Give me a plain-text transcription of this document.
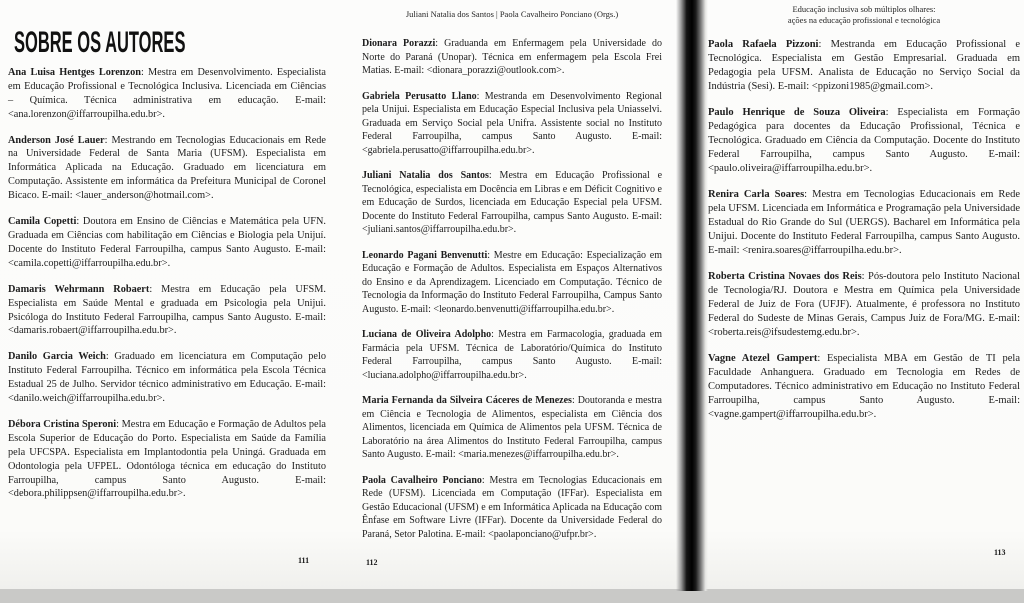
SOBRE OS AUTORES

Ana Luisa Hentges Lorenzon: Mestra em Desenvolvimento. Especialista em Educação Profissional e Tecnológica Inclusiva. Licenciada em Ciências – Química. Técnica administrativa em educação. E-mail: <ana.lorenzon@iffarroupilha.edu.br>.

Anderson José Lauer: Mestrando em Tecnologias Educacionais em Rede na Universidade Federal de Santa Maria (UFSM). Especialista em Informática Aplicada na Educação. Graduado em licenciatura em Computação. Assistente em informática da Prefeitura Municipal de Coronel Bicaco. E-mail: <lauer_anderson@hotmail.com>.

Camila Copetti: Doutora em Ensino de Ciências e Matemática pela UFN. Graduada em Ciências com habilitação em Ciências e Biologia pela Unijuí. Docente do Instituto Federal Farroupilha, campus Santo Augusto. E-mail: <camila.copetti@iffarroupilha.edu.br>.

Damaris Wehrmann Robaert: Mestra em Educação pela UFSM. Especialista em Saúde Mental e graduada em Psicologia pela Unijui. Psicóloga do Instituto Federal Farroupilha, campus Santo Augusto. E-mail: <damaris.robaert@iffarroupilha.edu.br>.

Danilo Garcia Weich: Graduado em licenciatura em Computação pelo Instituto Federal Farroupilha. Técnico em informática pela Escola Técnica Estadual 25 de Julho. Servidor técnico administrativo em Educação. E-mail: <danilo.weich@iffarroupilha.edu.br>.

Débora Cristina Speroni: Mestra em Educação e Formação de Adultos pela Escola Superior de Educação do Porto. Especialista em Saúde da Família pela UFCSPA. Especialista em Implantodontia pela Uningá. Graduada em Odontologia pela UFPEL. Odontóloga técnica em educação do Instituto Farroupilha, campus Santo Augusto. E-mail: <debora.philippsen@iffarroupilha.edu.br>.

Juliani Natalia dos Santos | Paola Cavalheiro Ponciano (Orgs.)

Dionara Porazzi: Graduanda em Enfermagem pela Universidade do Norte do Paraná (Unopar). Técnica em enfermagem pela Escola Frei Matias. E-mail: <dionara_porazzi@outlook.com>.

Gabriela Perusatto Llano: Mestranda em Desenvolvimento Regional pela Unijui. Especialista em Educação Especial Inclusiva pela Uniasselvi. Graduada em Serviço Social pela Unifra. Assistente social no Instituto Federal Farroupilha, campus Santo Augusto. E-mail: <gabriela.perusatto@iffarroupilha.edu.br>.

Juliani Natalia dos Santos: Mestra em Educação Profissional e Tecnológica, especialista em Docência em Libras e em Déficit Cognitivo e em Educação de Surdos, licenciada em Educação Especial pela UFSM. Docente do Instituto Federal Farroupilha, campus Santo Augusto. E-mail: <juliani.santos@iffarroupilha.edu.br>.

Leonardo Pagani Benvenutti: Mestre em Educação: Especialização em Educação e Formação de Adultos. Especialista em Espaços Alternativos do Ensino e da Aprendizagem. Licenciado em Computação. Técnico de Tecnologia da Informação do Instituto Federal Farroupilha, Campus Santo Augusto. E-mail: <leonardo.benvenutti@iffarroupilha.edu.br>.

Luciana de Oliveira Adolpho: Mestra em Farmacologia, graduada em Farmácia pela UFSM. Técnica de Laboratório/Química do Instituto Federal Farroupilha, campus Santo Augusto. E-mail: <luciana.adolpho@iffarroupilha.edu.br>.

Maria Fernanda da Silveira Cáceres de Menezes: Doutoranda e mestra em Ciência e Tecnologia de Alimentos, especialista em Ciência dos Alimentos, licenciada em Química de Alimentos pela UFSM. Técnica de Laboratório na área Alimentos do Instituto Federal Farroupilha, campus Santo Augusto. E-mail: <maria.menezes@iffarroupilha.edu.br>.

Paola Cavalheiro Ponciano: Mestra em Tecnologias Educacionais em Rede (UFSM). Licenciada em Computação (IFFar). Especialista em Gestão Educacional (UFSM) e em Informática Aplicada na Educação com Ênfase em Software Livre (IFFar). Docente da Universidade Federal do Paraná, Setor Palotina. E-mail: <paolaponciano@ufpr.br>.

Educação inclusiva sob múltiplos olhares:
ações na educação profissional e tecnológica

Paola Rafaela Pizzoni: Mestranda em Educação Profissional e Tecnológica. Especialista em Gestão Empresarial. Graduada em Pedagogia pela UFSM. Analista de Educação no Serviço Social da Indústria (Sesi). E-mail: <ppizoni1985@gmail.com>.

Paulo Henrique de Souza Oliveira: Especialista em Formação Pedagógica para docentes da Educação Profissional, Técnica e Tecnológica. Graduado em Ciência da Computação. Docente do Instituto Federal Farroupilha, campus Santo Augusto. E-mail: <paulo.oliveira@iffarroupilha.edu.br>.

Renira Carla Soares: Mestra em Tecnologias Educacionais em Rede pela UFSM. Licenciada em Informática e Programação pela Universidade Estadual do Rio Grande do Sul (UERGS). Bacharel em Informática pela Unijui. Docente do Instituto Federal Farroupilha, campus Santo Augusto. E-mail: <renira.soares@iffarroupilha.edu.br>.

Roberta Cristina Novaes dos Reis: Pós-doutora pelo Instituto Nacional de Tecnologia/RJ. Doutora e Mestra em Química pela Universidade Federal de Juiz de Fora (UFJF). Atualmente, é professora no Instituto Federal do Sudeste de Minas Gerais, Campus Juiz de Fora/MG. E-mail: <roberta.reis@ifsudestemg.edu.br>.

Vagne Atezel Gampert: Especialista MBA em Gestão de TI pela Faculdade Anhanguera. Graduado em Tecnologia em Redes de Computadores. Técnico administrativo em Educação no Instituto Federal Farroupilha, campus Santo Augusto. E-mail: <vagne.gampert@iffarroupilha.edu.br>.

111	112
113
